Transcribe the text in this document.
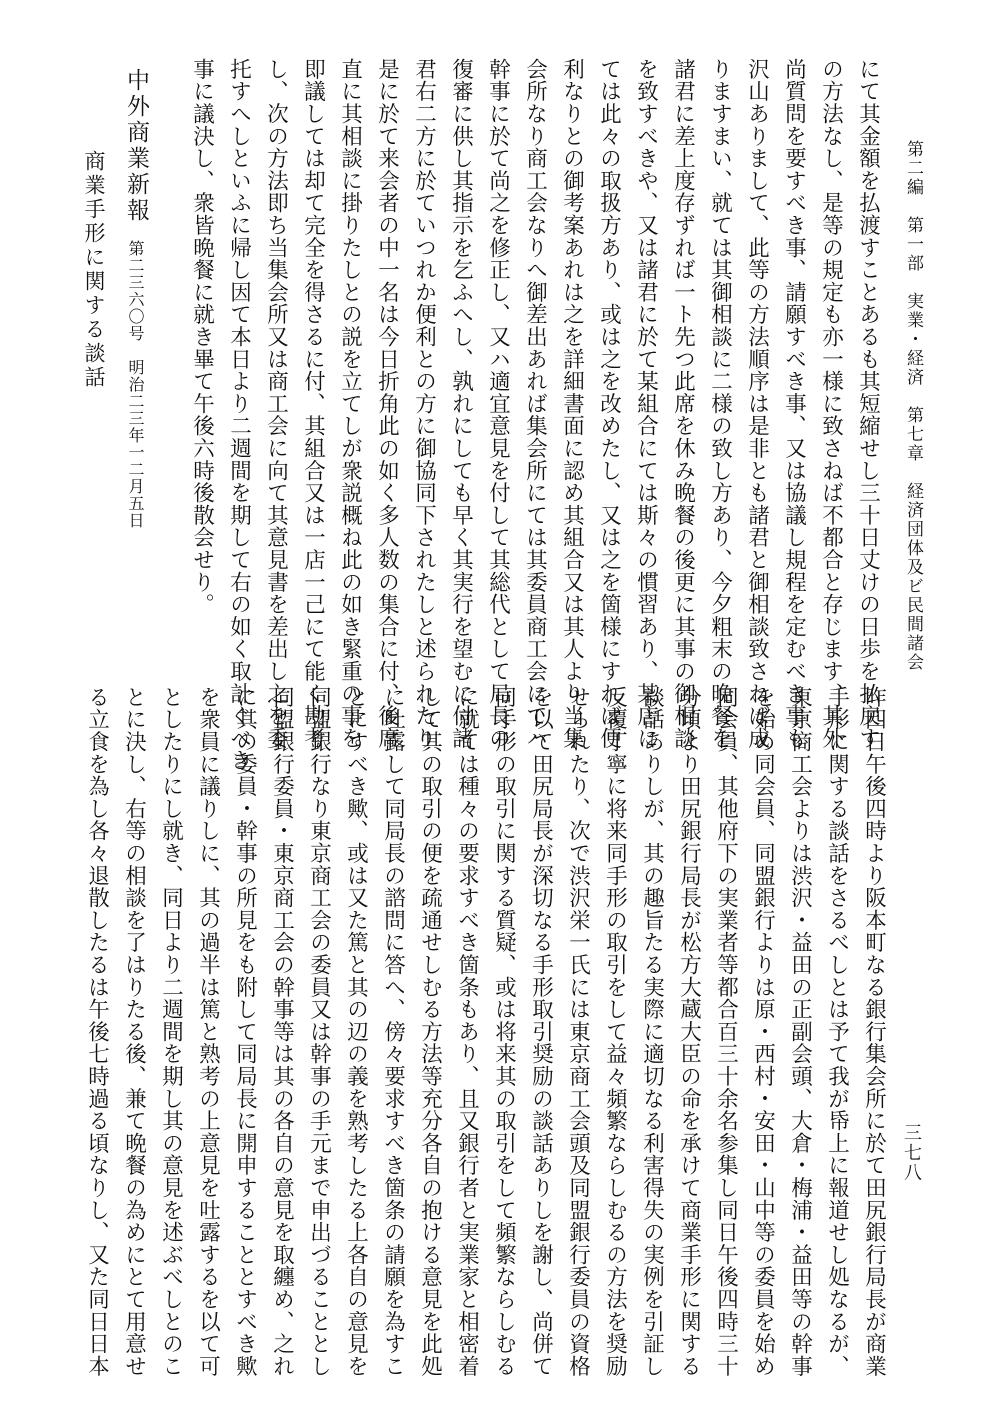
第二編　第一部　実業・経済　第七章　経済団体及ビ民間諸会
三七八
にて其金額を払渡すことあるも其短縮せし三十日丈けの日歩を払戻す
の方法なし、是等の規定も亦一様に致さねば不都合と存じます、其外
尚質問を要すべき事、請願すべき事、又は協議し規程を定むべき事も
沢山ありまして、此等の方法順序は是非とも諸君と御相談致さねば成
りますまい、就ては其御相談に二様の致し方あり、今夕粗末の晩餐を
諸君に差上度存ずれば一ト先つ此席を休み晩餐の後更に其事の御相談
を致すべきや、又は諸君に於て某組合にては斯々の慣習あり、某店に
ては此々の取扱方あり、或は之を改めたし、又は之を箇様にすれば便
利なりとの御考案あれは之を詳細書面に認め其組合又は其人より当集
会所なり商工会なりへ御差出あれば集会所にては其委員商工会にてハ
幹事に於て尚之を修正し、又ハ適宜意見を付して其総代として局長の
復審に供し其指示を乞ふへし、孰れにしても早く其実行を望むに付諸
君右二方に於ていつれか便利との方に御協同下されたしと述られたり
是に於て来会者の中一名は今日折角此の如く多人数の集合に付、後席
直に其相談に掛りたしとの説を立てしが衆説概ね此の如き緊重の事を
即議しては却て完全を得さるに付、其組合又は一店一己にて能く勘考
し、次の方法即ち当集会所又は商工会に向て其意見書を差出し之を委
托すへしといふに帰し因て本日より二週間を期して右の如く取計ぐべき
事に議決し、衆皆晩餐に就き畢て午後六時後散会せり。
中外商業新報
第二三六〇号　明治二三年一二月五日
商業手形に関する談話
昨四日午後四時より阪本町なる銀行集会所に於て田尻銀行局長が商業
手形に関する談話をさるべしとは予て我が帋上に報道せし処なるが、
東京商工会よりは渋沢・益田の正副会頭、大倉・梅浦・益田等の幹事
を始め同会員、同盟銀行よりは原・西村・安田・山中等の委員を始め
同会員、其他府下の実業者等都合百三十余名参集し同日午後四時三十
分頃より田尻銀行局長が松方大蔵大臣の命を承けて商業手形に関する
談話ありしが、其の趣旨たる実際に適切なる利害得失の実例を引証し
反覆丁寧に将来同手形の取引をして益々頻繁ならしむるの方法を奨励
せられたり、次で渋沢栄一氏には東京商工会頭及同盟銀行委員の資格
を以て田尻局長が深切なる手形取引奨励の談話ありしを謝し、尚併て
同手形の取引に関する質疑、或は将来其の取引をして頻繁ならしむる
に就ては種々の要求すべき箇条もあり、且又銀行者と実業家と相密着
して其の取引の便を疏通せしむる方法等充分各自の抱ける意見を此処
に吐露して同局長の諮問に答へ、傍々要求すべき箇条の請願を為すこ
とにすべき歟、或は又た篤と其の辺の義を熟考したる上各自の意見を
同盟銀行なり東京商工会の委員又は幹事の手元まで申出づることとし
同盟銀行委員・東京商工会の幹事等は其の各自の意見を取纏め、之れ
に其の委員・幹事の所見をも附して同局長に開申することとすべき歟
を衆員に議りしに、其の過半は篤と熟考の上意見を吐露するを以て可
としたりにし就き、同日より二週間を期し其の意見を述ぶべしとのこ
とに決し、右等の相談を了はりたる後、兼て晩餐の為めにとて用意せ
る立食を為し各々退散したるは午後七時過る頃なりし、又た同日日本
